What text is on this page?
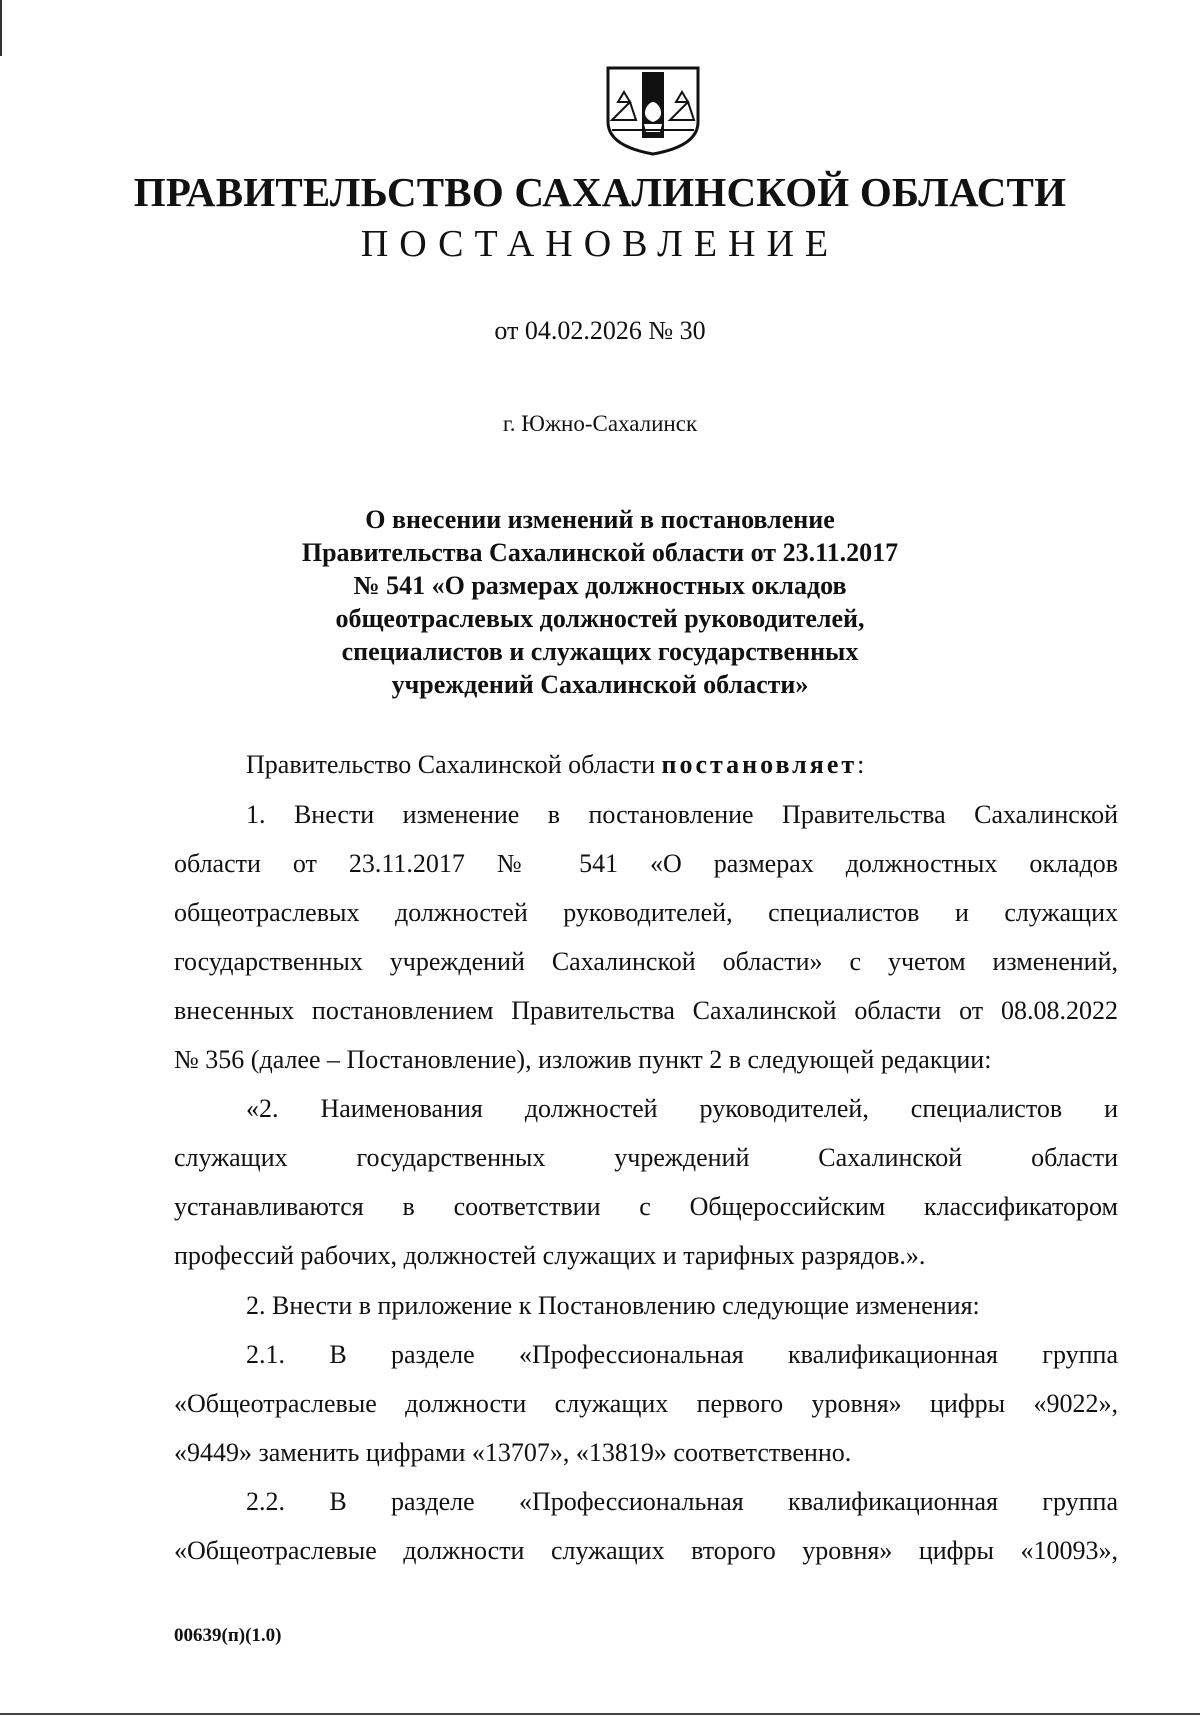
ПРАВИТЕЛЬСТВО САХАЛИНСКОЙ ОБЛАСТИ
ПОСТАНОВЛЕНИЕ
от 04.02.2026 № 30
г. Южно-Сахалинск
О внесении изменений в постановление
Правительства Сахалинской области от 23.11.2017
№ 541 «О размерах должностных окладов
общеотраслевых должностей руководителей,
специалистов и служащих государственных
учреждений Сахалинской области»
Правительство Сахалинской области постановляет:
1. Внести изменение в постановление Правительства Сахалинской
области от 23.11.2017 № 541 «О размерах должностных окладов
общеотраслевых должностей руководителей, специалистов и служащих
государственных учреждений Сахалинской области» с учетом изменений,
внесенных постановлением Правительства Сахалинской области от 08.08.2022
№ 356 (далее – Постановление), изложив пункт 2 в следующей редакции:
«2. Наименования должностей руководителей, специалистов и
служащих государственных учреждений Сахалинской области
устанавливаются в соответствии с Общероссийским классификатором
профессий рабочих, должностей служащих и тарифных разрядов.».
2. Внести в приложение к Постановлению следующие изменения:
2.1. В разделе «Профессиональная квалификационная группа
«Общеотраслевые должности служащих первого уровня» цифры «9022»,
«9449» заменить цифрами «13707», «13819» соответственно.
2.2. В разделе «Профессиональная квалификационная группа
«Общеотраслевые должности служащих второго уровня» цифры «10093»,
00639(п)(1.0)
